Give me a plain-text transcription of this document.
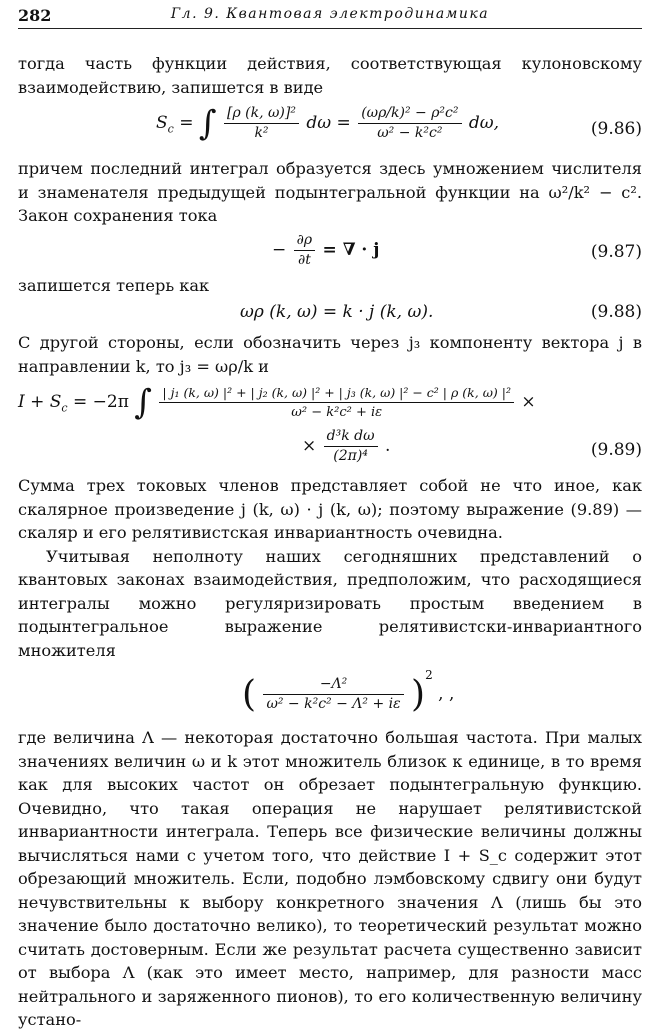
282	Гл. 9. Квантовая электродинамика

тогда часть функции действия, соответствующая кулоновскому взаимодействию, запишется в виде

$S_c$ = ∫ $\frac{\text{[ρ (k, ω)]²}}{\text{k²}}$ $d\omega = \frac{\text{(ωρ/k)² − ρ²c²}}{\text{ω² − k²c²}} d\omega$,	(9.86)

причем последний интеграл образуется здесь умножением числителя и знаменателя предыдущей подынтегральной функции на ω²/k² − c². Закон сохранения тока

− $\frac{\partial\rho}{\partial t}$ = ∇ · j	(9.87)

запишется теперь как

ωρ (k, ω) = k · j (k, ω).	(9.88)

С другой стороны, если обозначить через j₃ компоненту вектора j в направлении k, то j₃ = ωρ/k и

$I + S_c = -2\pi$ ∫ | j₁ (k, ω) |² + | j₂ (k, ω) |² + | j₃ (k, ω) |² − c² | ρ (k, ω) |²
ω² − k²c² + iε
×
× $\frac{\text{d³k dω}}{\text{(2π)⁴}}$ .	(9.89)

Сумма трех токовых членов представляет собой не что иное, как скалярное произведение j (k, ω) · j (k, ω); поэтому выражение (9.89) — скаляр и его релятивистская инвариантность очевидна.

Учитывая неполноту наших сегодняшних представлений о квантовых законах взаимодействия, предположим, что расходящиеся интегралы можно регуляризировать простым введением в подынтегральное выражение релятивистски-инвариантного множителя

( $\frac{\text{−Λ²}}{\text{ω² − k²c² − Λ² + iε}} )^2$ , ,

где величина Λ — некоторая достаточно большая частота. При малых значениях величин ω и k этот множитель близок к единице, в то время как для высоких частот он обрезает подынтегральную функцию. Очевидно, что такая операция не нарушает релятивистской инвариантности интеграла. Теперь все физические величины должны вычисляться нами с учетом того, что действие I + S_c содержит этот обрезающий множитель. Если, подобно лэмбовскому сдвигу они будут нечувствительны к выбору конкретного значения Λ (лишь бы это значение было достаточно велико), то теоретический результат можно считать достоверным. Если же результат расчета существенно зависит от выбора Λ (как это имеет место, например, для разности масс нейтрального и заряженного пионов), то его количественную величину устано-
